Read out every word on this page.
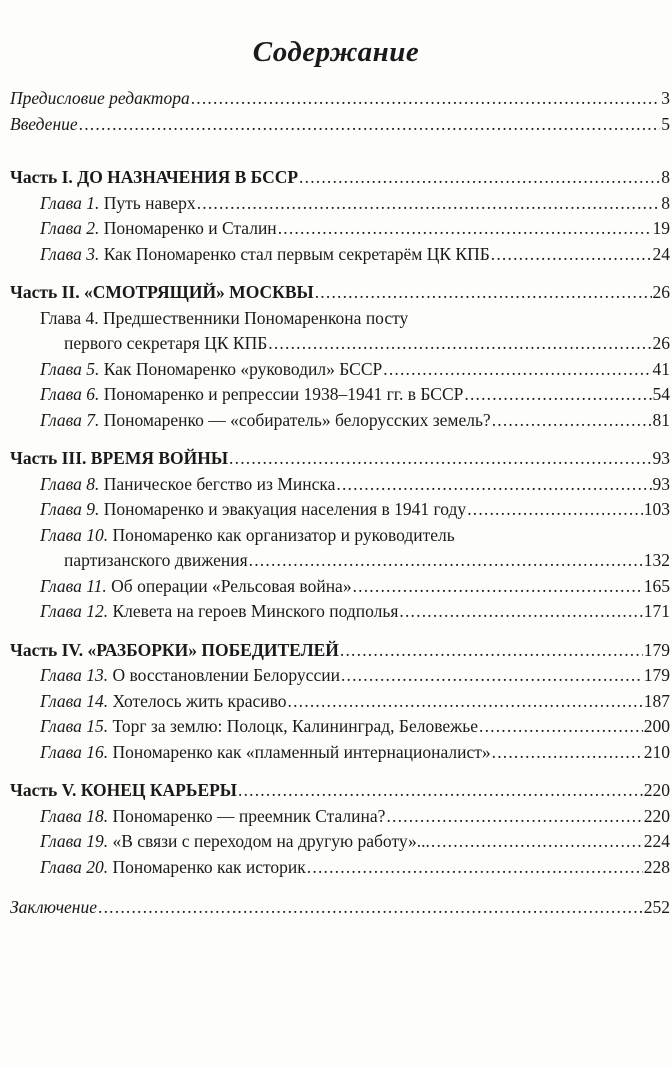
Содержание
Предисловие редактора .....	3
Введение .....	5
Часть I. ДО НАЗНАЧЕНИЯ В БССР .....	8
Глава 1. Путь наверх .....	8
Глава 2. Пономаренко и Сталин .....	19
Глава 3. Как Пономаренко стал первым секретарём ЦК КПБ .....	24
Часть II. «СМОТРЯЩИЙ» МОСКВЫ .....	26
Глава 4. Предшественники Пономаренкона посту
первого секретаря ЦК КПБ .....	26
Глава 5. Как Пономаренко «руководил» БССР .....	41
Глава 6. Пономаренко и репрессии 1938–1941 гг. в БССР .....	54
Глава 7. Пономаренко — «собиратель» белорусских земель? .....	81
Часть III. ВРЕМЯ ВОЙНЫ .....	93
Глава 8. Паническое бегство из Минска .....	93
Глава 9. Пономаренко и эвакуация населения в 1941 году .....	103
Глава 10. Пономаренко как организатор и руководитель
партизанского движения .....	132
Глава 11. Об операции «Рельсовая война» .....	165
Глава 12. Клевета на героев Минского подполья .....	171
Часть IV. «РАЗБОРКИ» ПОБЕДИТЕЛЕЙ .....	179
Глава 13. О восстановлении Белоруссии .....	179
Глава 14. Хотелось жить красиво .....	187
Глава 15. Торг за землю: Полоцк, Калининград, Беловежье .....	200
Глава 16. Пономаренко как «пламенный интернационалист» .....	210
Часть V. КОНЕЦ КАРЬЕРЫ .....	220
Глава 18. Пономаренко — преемник Сталина? .....	220
Глава 19. «В связи с переходом на другую работу»... .....	224
Глава 20. Пономаренко как историк .....	228
Заключение .....	252
